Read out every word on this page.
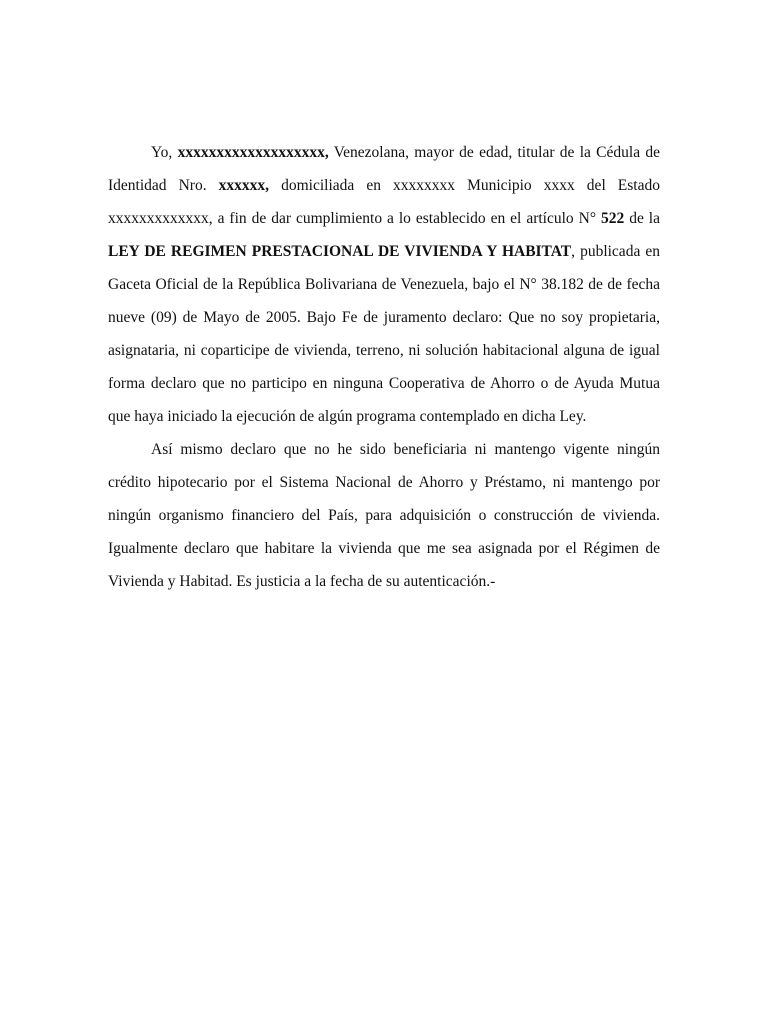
Yo, xxxxxxxxxxxxxxxxxxx, Venezolana, mayor de edad, titular de la Cédula de Identidad Nro. xxxxxx, domiciliada en xxxxxxxx Municipio xxxx del Estado xxxxxxxxxxxxx, a fin de dar cumplimiento a lo establecido en el artículo N° 522 de la LEY DE REGIMEN PRESTACIONAL DE VIVIENDA Y HABITAT, publicada en Gaceta Oficial de la República Bolivariana de Venezuela, bajo el N° 38.182 de de fecha nueve (09) de Mayo de 2005. Bajo Fe de juramento declaro: Que no soy propietaria, asignataria, ni coparticipe de vivienda, terreno, ni solución habitacional alguna de igual forma declaro que no participo en ninguna Cooperativa de Ahorro o de Ayuda Mutua que haya iniciado la ejecución de algún programa contemplado en dicha Ley.

Así mismo declaro que no he sido beneficiaria ni mantengo vigente ningún crédito hipotecario por el Sistema Nacional de Ahorro y Préstamo, ni mantengo por ningún organismo financiero del País, para adquisición o construcción de vivienda. Igualmente declaro que habitare la vivienda que me sea asignada por el Régimen de Vivienda y Habitad. Es justicia a la fecha de su autenticación.-
